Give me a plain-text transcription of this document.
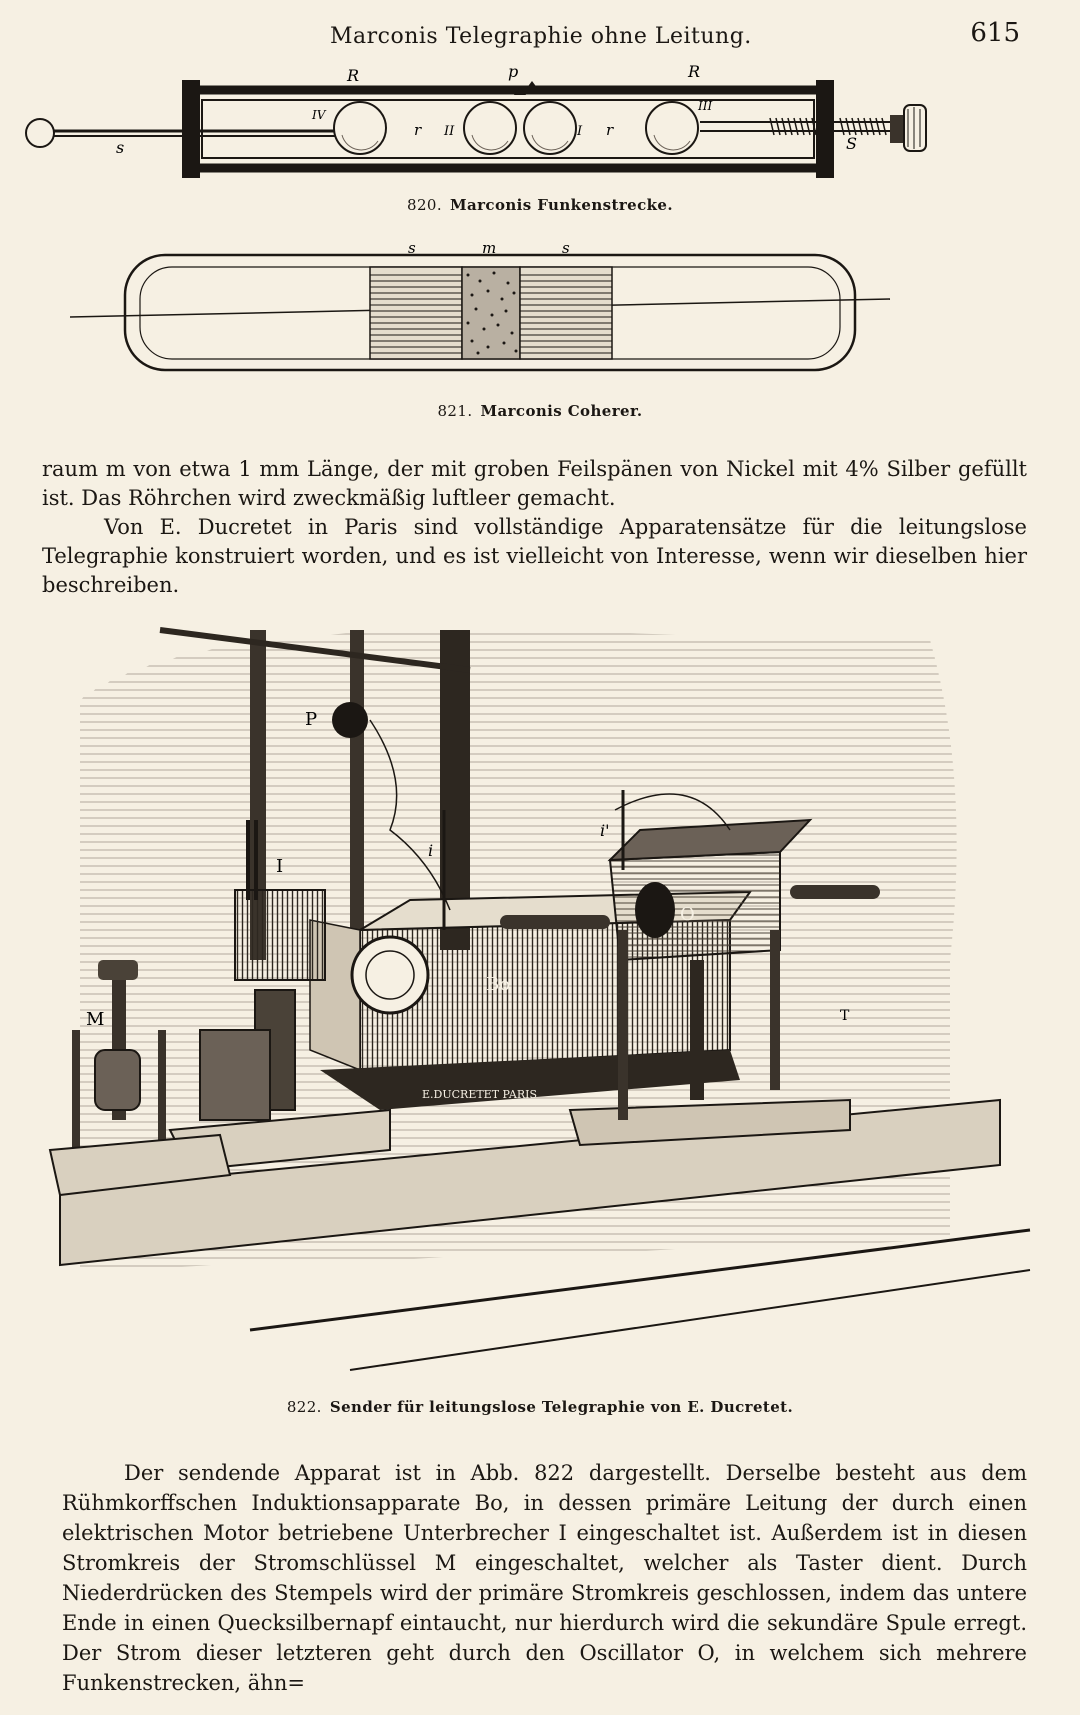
Marconis Telegraphie ohne Leitung.	615
R	p	R
IV
r II	I r
III
s	S
820. Marconis Funkenstrecke.
s	m	s
821. Marconis Coherer.

raum m von etwa 1 mm Länge, der mit groben Feilspänen von Nickel mit 4% Silber gefüllt ist. Das Röhrchen wird zweckmäßig luftleer gemacht.

Von E. Ducretet in Paris sind vollständige Apparatensätze für die leitungslose Telegraphie konstruiert worden, und es ist vielleicht von Interesse, wenn wir dieselben hier beschreiben.

E.DUCRETET PARIS
P
I
M
i
i'
Bo
O
T
822. Sender für leitungslose Telegraphie von E. Ducretet.

Der sendende Apparat ist in Abb. 822 dargestellt. Derselbe besteht aus dem Rühmkorffschen Induktionsapparate Bo, in dessen primäre Leitung der durch einen elektrischen Motor betriebene Unterbrecher I eingeschaltet ist. Außerdem ist in diesen Stromkreis der Stromschlüssel M eingeschaltet, welcher als Taster dient. Durch Niederdrücken des Stempels wird der primäre Stromkreis geschlossen, indem das untere Ende in einen Quecksilbernapf eintaucht, nur hierdurch wird die sekundäre Spule erregt. Der Strom dieser letzteren geht durch den Oscillator O, in welchem sich mehrere Funkenstrecken, ähn=
